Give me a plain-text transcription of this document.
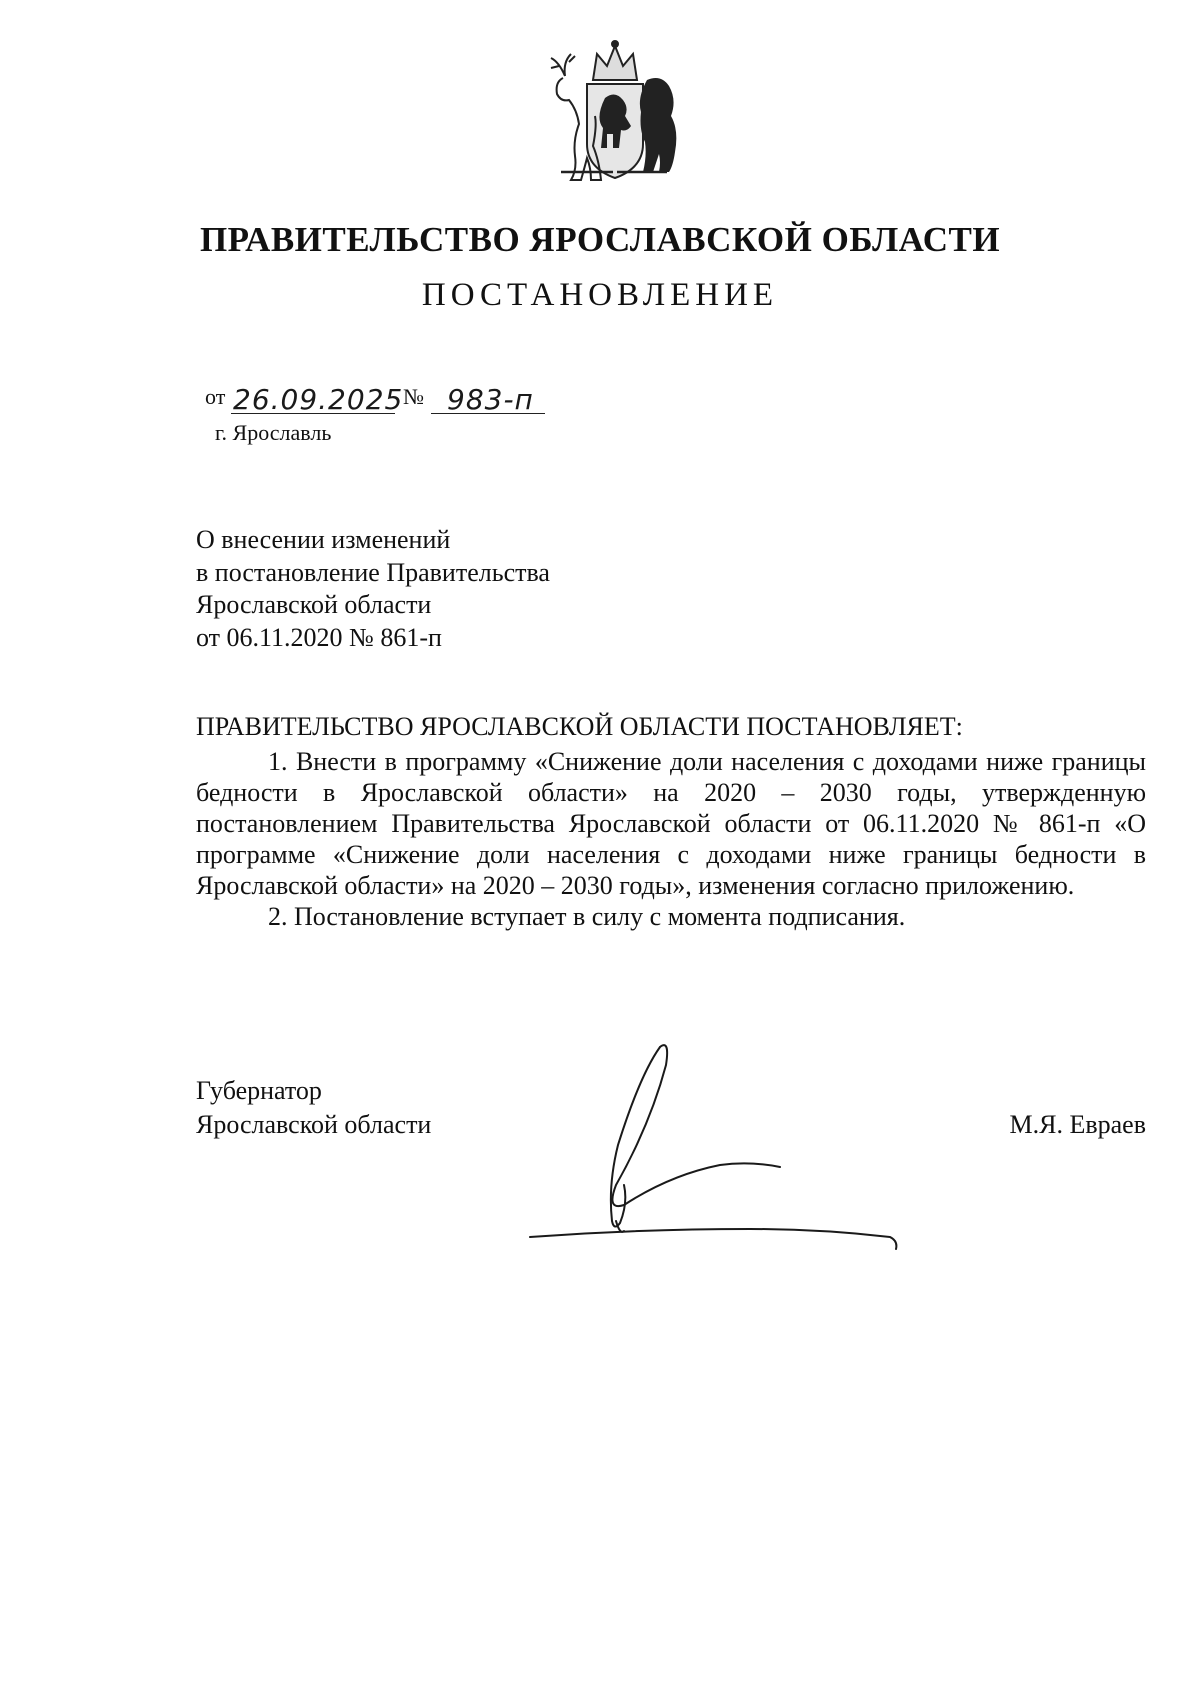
ПРАВИТЕЛЬСТВО ЯРОСЛАВСКОЙ ОБЛАСТИ
ПОСТАНОВЛЕНИЕ
от 26.09.2025 № 983-п
г. Ярославль
О внесении изменений
в постановление Правительства
Ярославской области
от 06.11.2020 № 861-п
ПРАВИТЕЛЬСТВО ЯРОСЛАВСКОЙ ОБЛАСТИ ПОСТАНОВЛЯЕТ:

1. Внести в программу «Снижение доли населения с доходами ниже границы бедности в Ярославской области» на 2020 – 2030 годы, утвержденную постановлением Правительства Ярославской области от 06.11.2020 № 861-п «О программе «Снижение доли населения с доходами ниже границы бедности в Ярославской области» на 2020 – 2030 годы», изменения согласно приложению.

2. Постановление вступает в силу с момента подписания.

Губернатор
Ярославской области	М.Я. Евраев
